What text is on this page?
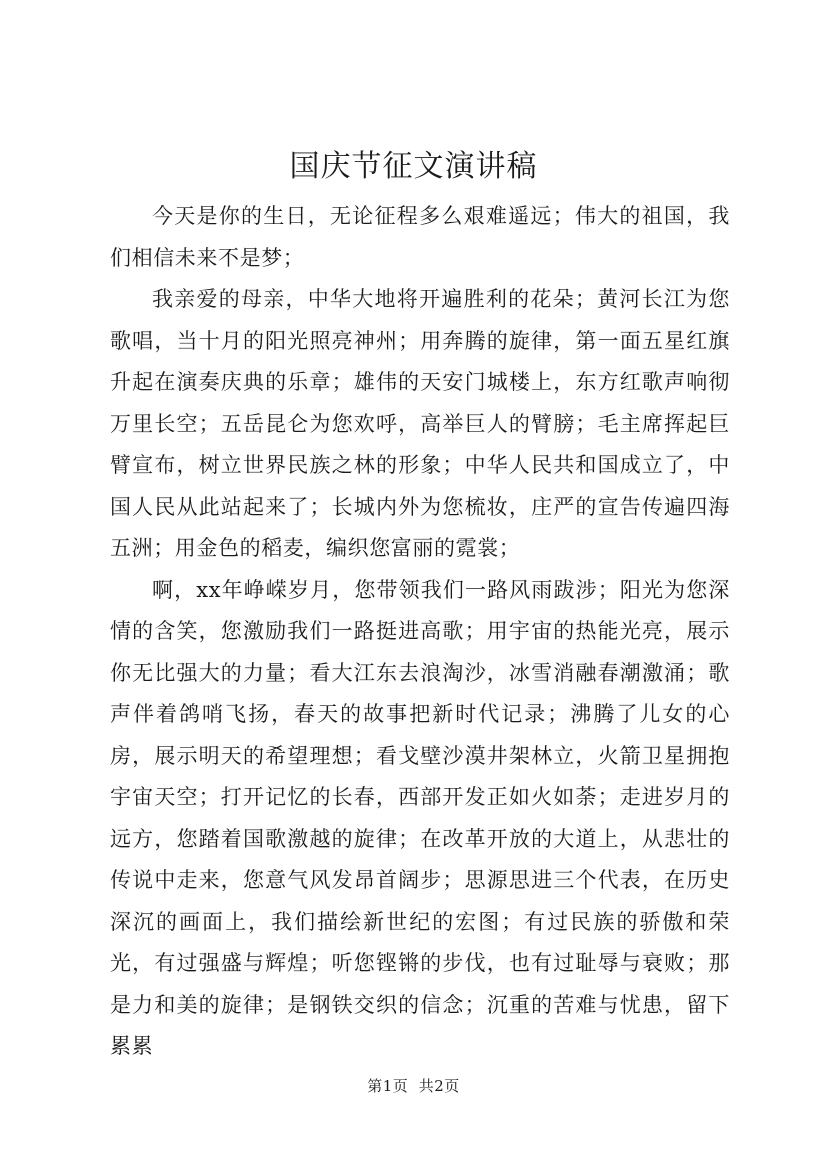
国庆节征文演讲稿

今天是你的生日，无论征程多么艰难遥远；伟大的祖国，我们相信未来不是梦；

我亲爱的母亲，中华大地将开遍胜利的花朵；黄河长江为您歌唱，当十月的阳光照亮神州；用奔腾的旋律，第一面五星红旗升起在演奏庆典的乐章；雄伟的天安门城楼上，东方红歌声响彻万里长空；五岳昆仑为您欢呼，高举巨人的臂膀；毛主席挥起巨臂宣布，树立世界民族之林的形象；中华人民共和国成立了，中国人民从此站起来了；长城内外为您梳妆，庄严的宣告传遍四海五洲；用金色的稻麦，编织您富丽的霓裳；

啊，xx年峥嵘岁月，您带领我们一路风雨跋涉；阳光为您深情的含笑，您激励我们一路挺进高歌；用宇宙的热能光亮，展示你无比强大的力量；看大江东去浪淘沙，冰雪消融春潮激涌；歌声伴着鸽哨飞扬，春天的故事把新时代记录；沸腾了儿女的心房，展示明天的希望理想；看戈壁沙漠井架林立，火箭卫星拥抱宇宙天空；打开记忆的长春，西部开发正如火如荼；走进岁月的远方，您踏着国歌激越的旋律；在改革开放的大道上，从悲壮的传说中走来，您意气风发昂首阔步；思源思进三个代表，在历史深沉的画面上，我们描绘新世纪的宏图；有过民族的骄傲和荣光，有过强盛与辉煌；听您铿锵的步伐，也有过耻辱与衰败；那是力和美的旋律；是钢铁交织的信念；沉重的苦难与忧患，留下累累

第1页  共2页
